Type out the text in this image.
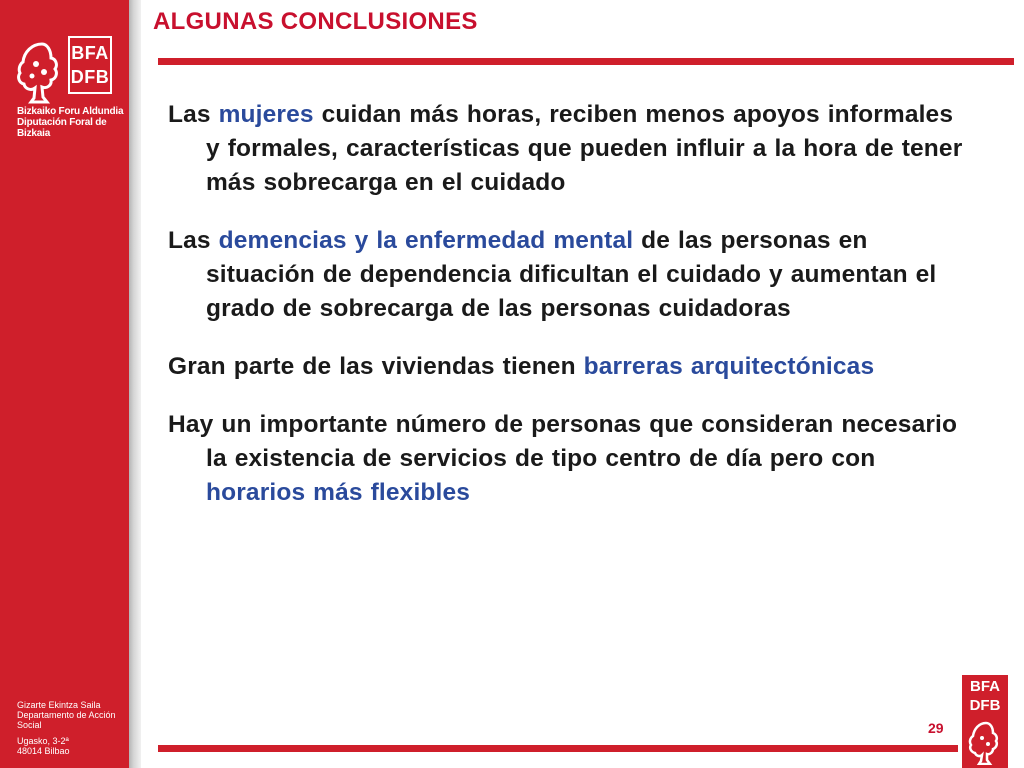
BFA
DFB
Bizkaiko Foru Aldundia
Diputación Foral de Bizkaia
Gizarte Ekintza Saila
Departamento de Acción Social
Ugasko, 3-2ª
48014 Bilbao
ALGUNAS CONCLUSIONES

Las mujeres cuidan más horas, reciben menos apoyos informales y formales, características que pueden influir a la hora de tener más sobrecarga en el cuidado

Las demencias y la enfermedad mental de las personas en situación de dependencia dificultan el cuidado y aumentan el grado de sobrecarga de las personas cuidadoras

Gran parte de las viviendas tienen barreras arquitectónicas

Hay un importante número de personas que consideran necesario la existencia de servicios de tipo centro de día pero con horarios más flexibles

29
BFA
DFB
